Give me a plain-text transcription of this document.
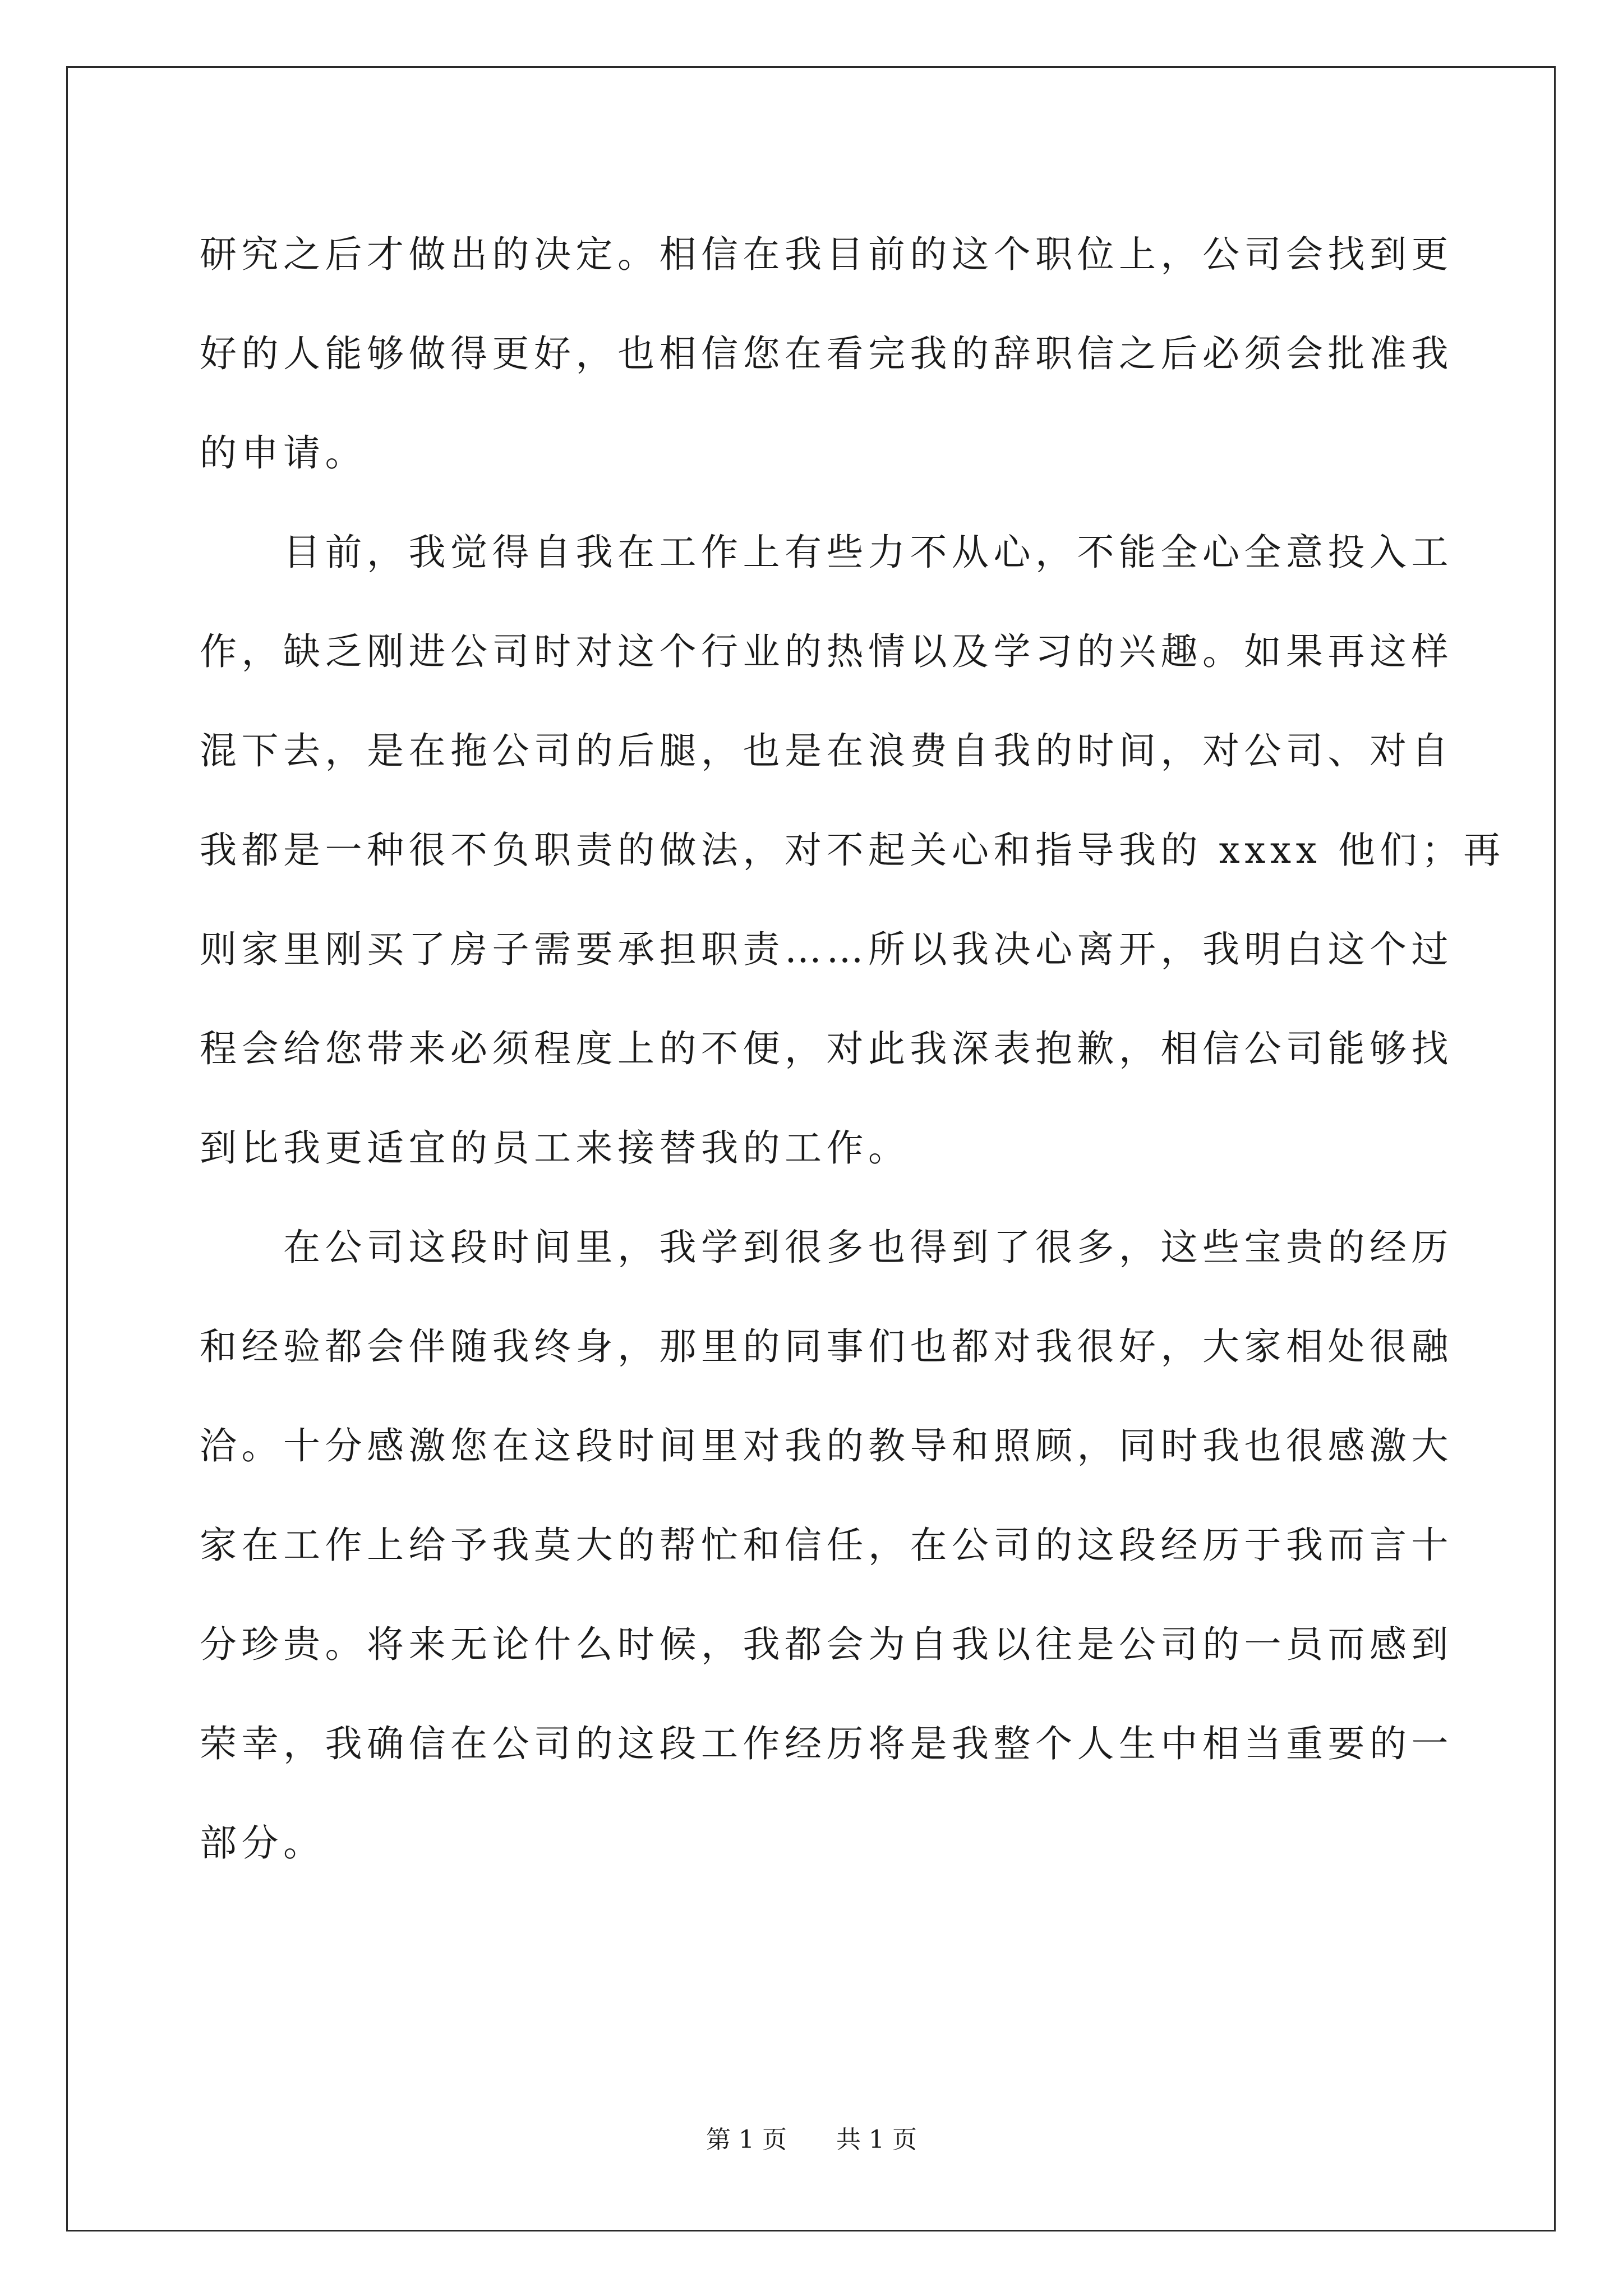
研究之后才做出的决定。相信在我目前的这个职位上，公司会找到更
好的人能够做得更好，也相信您在看完我的辞职信之后必须会批准我
的申请。
　　目前，我觉得自我在工作上有些力不从心，不能全心全意投入工
作，缺乏刚进公司时对这个行业的热情以及学习的兴趣。如果再这样
混下去，是在拖公司的后腿，也是在浪费自我的时间，对公司、对自
我都是一种很不负职责的做法，对不起关心和指导我的 xxxx 他们；再
则家里刚买了房子需要承担职责……所以我决心离开，我明白这个过
程会给您带来必须程度上的不便，对此我深表抱歉，相信公司能够找
到比我更适宜的员工来接替我的工作。
　　在公司这段时间里，我学到很多也得到了很多，这些宝贵的经历
和经验都会伴随我终身，那里的同事们也都对我很好，大家相处很融
洽。十分感激您在这段时间里对我的教导和照顾，同时我也很感激大
家在工作上给予我莫大的帮忙和信任，在公司的这段经历于我而言十
分珍贵。将来无论什么时候，我都会为自我以往是公司的一员而感到
荣幸，我确信在公司的这段工作经历将是我整个人生中相当重要的一
部分。
第 1 页 共 1 页
